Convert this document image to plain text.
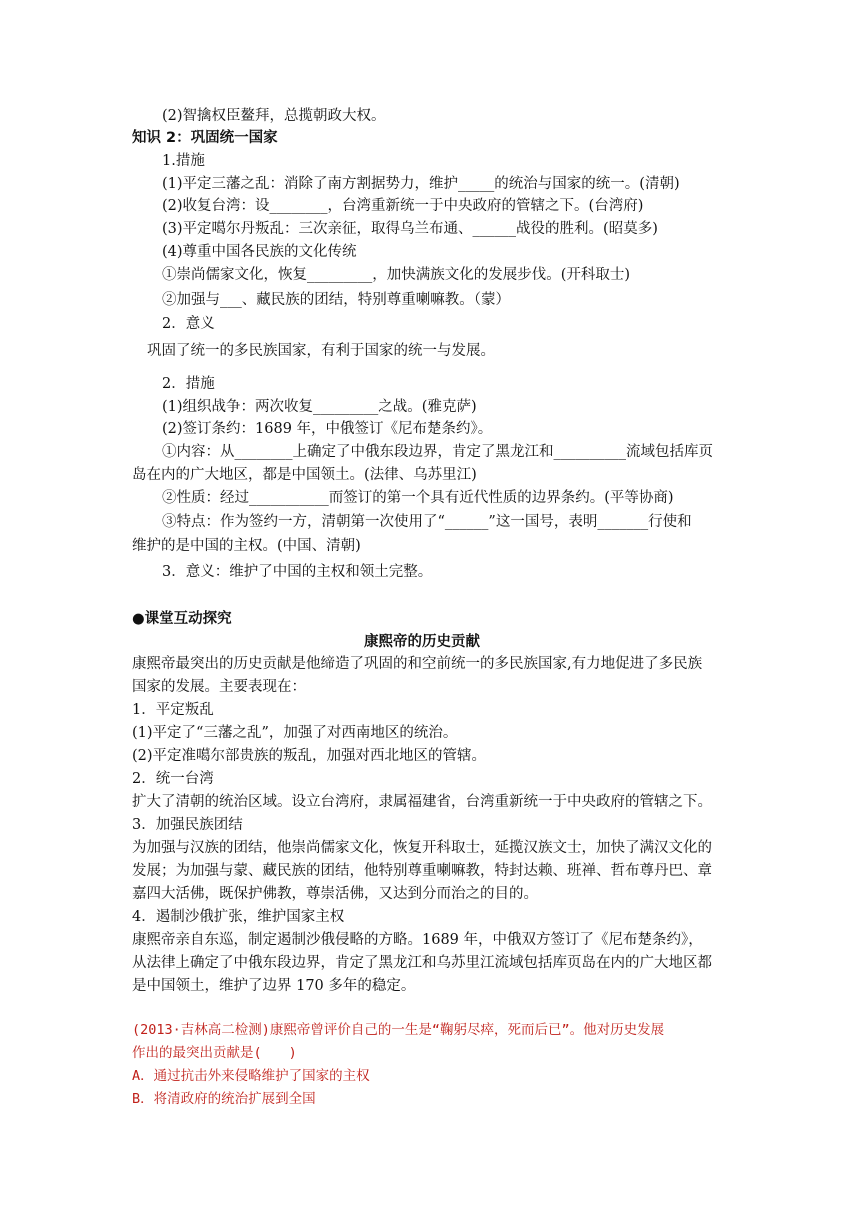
(2)智擒权臣鳌拜，总揽朝政大权。
知识 2：巩固统一国家
1.措施
(1)平定三藩之乱：消除了南方割据势力，维护_____的统治与国家的统一。(清朝)
(2)收复台湾：设________，台湾重新统一于中央政府的管辖之下。(台湾府)
(3)平定噶尔丹叛乱：三次亲征，取得乌兰布通、______战役的胜利。(昭莫多)
(4)尊重中国各民族的文化传统
①崇尚儒家文化，恢复_________，加快满族文化的发展步伐。(开科取士)
②加强与___、藏民族的团结，特别尊重喇嘛教。（蒙）
2．意义
巩固了统一的多民族国家，有利于国家的统一与发展。
2．措施
(1)组织战争：两次收复_________之战。(雅克萨)
(2)签订条约：1689 年，中俄签订《尼布楚条约》。
①内容：从________上确定了中俄东段边界，肯定了黑龙江和__________流域包括库页
岛在内的广大地区，都是中国领土。(法律、乌苏里江)
②性质：经过___________而签订的第一个具有近代性质的边界条约。(平等协商)
③特点：作为签约一方，清朝第一次使用了“______”这一国号，表明_______行使和
维护的是中国的主权。(中国、清朝)
3．意义：维护了中国的主权和领土完整。
●课堂互动探究
康熙帝的历史贡献
康熙帝最突出的历史贡献是他缔造了巩固的和空前统一的多民族国家,有力地促进了多民族
国家的发展。主要表现在：
1．平定叛乱
(1)平定了“三藩之乱”，加强了对西南地区的统治。
(2)平定准噶尔部贵族的叛乱，加强对西北地区的管辖。
2．统一台湾
扩大了清朝的统治区域。设立台湾府，隶属福建省，台湾重新统一于中央政府的管辖之下。
3．加强民族团结
为加强与汉族的团结，他崇尚儒家文化，恢复开科取士，延揽汉族文士，加快了满汉文化的
发展；为加强与蒙、藏民族的团结，他特别尊重喇嘛教，特封达赖、班禅、哲布尊丹巴、章
嘉四大活佛，既保护佛教，尊崇活佛，又达到分而治之的目的。
4．遏制沙俄扩张，维护国家主权
康熙帝亲自东巡，制定遏制沙俄侵略的方略。1689 年，中俄双方签订了《尼布楚条约》，
从法律上确定了中俄东段边界，肯定了黑龙江和乌苏里江流域包括库页岛在内的广大地区都
是中国领土，维护了边界 170 多年的稳定。
(2013·吉林高二检测)康熙帝曾评价自己的一生是“鞠躬尽瘁，死而后已”。他对历史发展
作出的最突出贡献是(　　)
A．通过抗击外来侵略维护了国家的主权
B．将清政府的统治扩展到全国
